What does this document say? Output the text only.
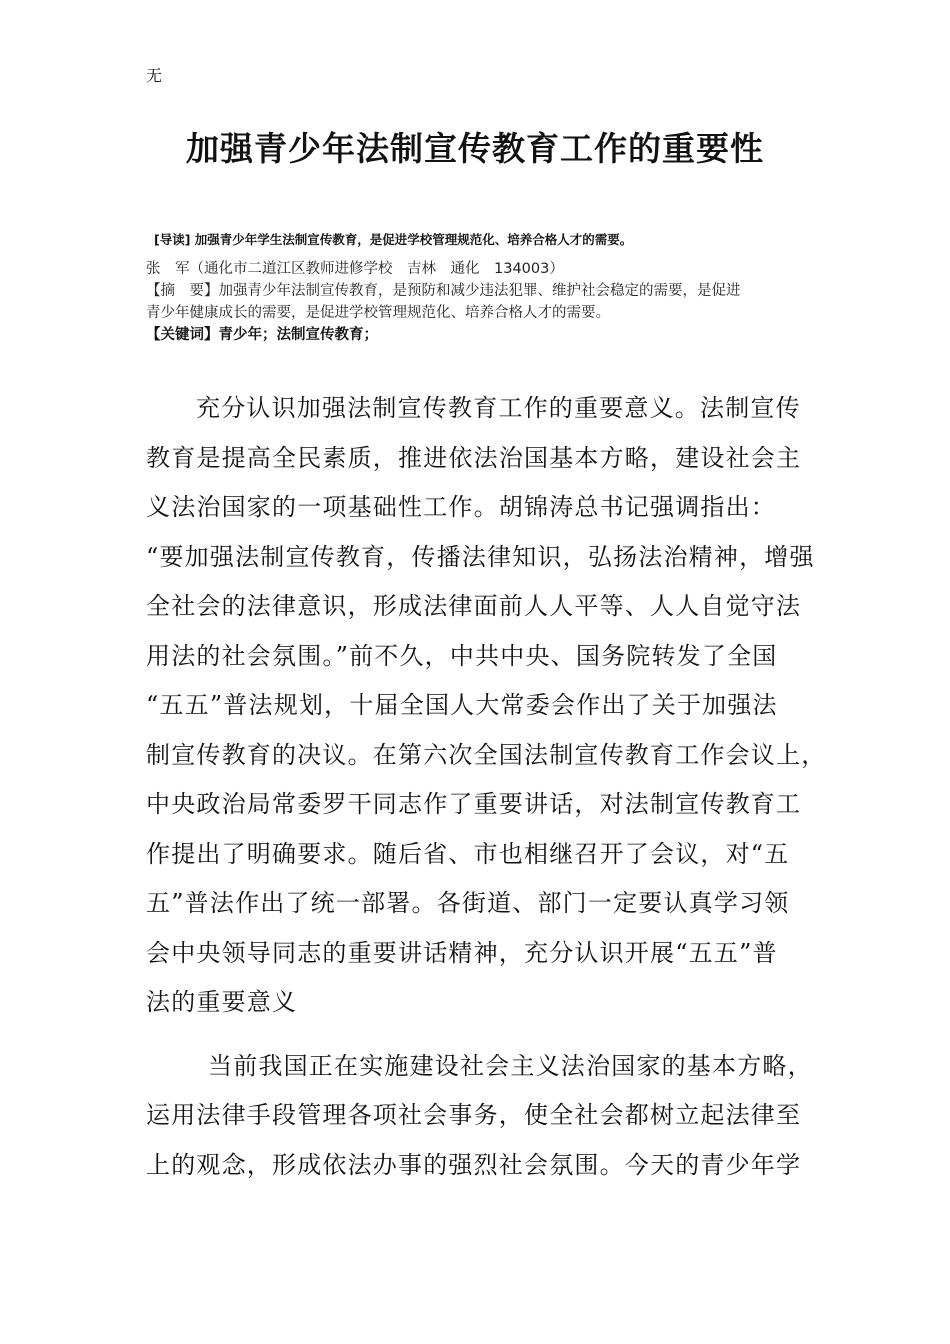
无
加强青少年法制宣传教育工作的重要性
[导读] 加强青少年学生法制宣传教育，是促进学校管理规范化、培养合格人才的需要。
张　军（通化市二道江区教师进修学校　吉林　通化　134003）
【摘　要】加强青少年法制宣传教育，是预防和减少违法犯罪、维护社会稳定的需要，是促进
青少年健康成长的需要，是促进学校管理规范化、培养合格人才的需要。
【关键词】青少年；法制宣传教育；
充分认识加强法制宣传教育工作的重要意义。法制宣传
教育是提高全民素质，推进依法治国基本方略，建设社会主
义法治国家的一项基础性工作。胡锦涛总书记强调指出：
“要加强法制宣传教育，传播法律知识，弘扬法治精神，增强
全社会的法律意识，形成法律面前人人平等、人人自觉守法
用法的社会氛围。”前不久，中共中央、国务院转发了全国
“五五”普法规划，十届全国人大常委会作出了关于加强法
制宣传教育的决议。在第六次全国法制宣传教育工作会议上，
中央政治局常委罗干同志作了重要讲话，对法制宣传教育工
作提出了明确要求。随后省、市也相继召开了会议，对“五
五”普法作出了统一部署。各街道、部门一定要认真学习领
会中央领导同志的重要讲话精神，充分认识开展“五五”普
法的重要意义
当前我国正在实施建设社会主义法治国家的基本方略，
运用法律手段管理各项社会事务，使全社会都树立起法律至
上的观念，形成依法办事的强烈社会氛围。今天的青少年学
